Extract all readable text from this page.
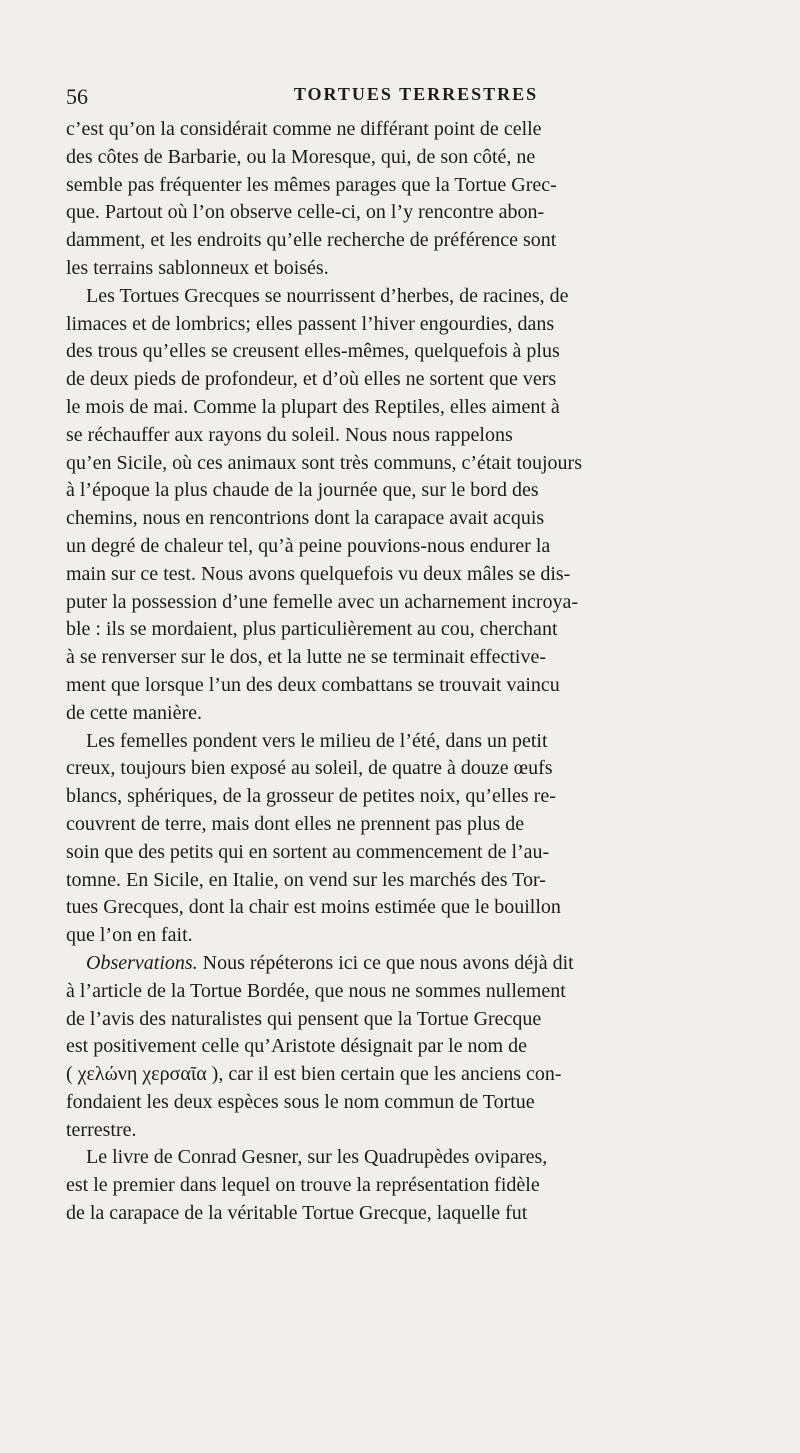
56	TORTUES TERRESTRES
c’est qu’on la considérait comme ne différant point de celle
des côtes de Barbarie, ou la Moresque, qui, de son côté, ne
semble pas fréquenter les mêmes parages que la Tortue Grec-
que. Partout où l’on observe celle-ci, on l’y rencontre abon-
damment, et les endroits qu’elle recherche de préférence sont
les terrains sablonneux et boisés.
Les Tortues Grecques se nourrissent d’herbes, de racines, de
limaces et de lombrics; elles passent l’hiver engourdies, dans
des trous qu’elles se creusent elles-mêmes, quelquefois à plus
de deux pieds de profondeur, et d’où elles ne sortent que vers
le mois de mai. Comme la plupart des Reptiles, elles aiment à
se réchauffer aux rayons du soleil. Nous nous rappelons
qu’en Sicile, où ces animaux sont très communs, c’était toujours
à l’époque la plus chaude de la journée que, sur le bord des
chemins, nous en rencontrions dont la carapace avait acquis
un degré de chaleur tel, qu’à peine pouvions-nous endurer la
main sur ce test. Nous avons quelquefois vu deux mâles se dis-
puter la possession d’une femelle avec un acharnement incroya-
ble : ils se mordaient, plus particulièrement au cou, cherchant
à se renverser sur le dos, et la lutte ne se terminait effective-
ment que lorsque l’un des deux combattans se trouvait vaincu
de cette manière.
Les femelles pondent vers le milieu de l’été, dans un petit
creux, toujours bien exposé au soleil, de quatre à douze œufs
blancs, sphériques, de la grosseur de petites noix, qu’elles re-
couvrent de terre, mais dont elles ne prennent pas plus de
soin que des petits qui en sortent au commencement de l’au-
tomne. En Sicile, en Italie, on vend sur les marchés des Tor-
tues Grecques, dont la chair est moins estimée que le bouillon
que l’on en fait.
Observations. Nous répéterons ici ce que nous avons déjà dit
à l’article de la Tortue Bordée, que nous ne sommes nullement
de l’avis des naturalistes qui pensent que la Tortue Grecque
est positivement celle qu’Aristote désignait par le nom de
( χελώνη χερσαῖα ), car il est bien certain que les anciens con-
fondaient les deux espèces sous le nom commun de Tortue
terrestre.
Le livre de Conrad Gesner, sur les Quadrupèdes ovipares,
est le premier dans lequel on trouve la représentation fidèle
de la carapace de la véritable Tortue Grecque, laquelle fut
